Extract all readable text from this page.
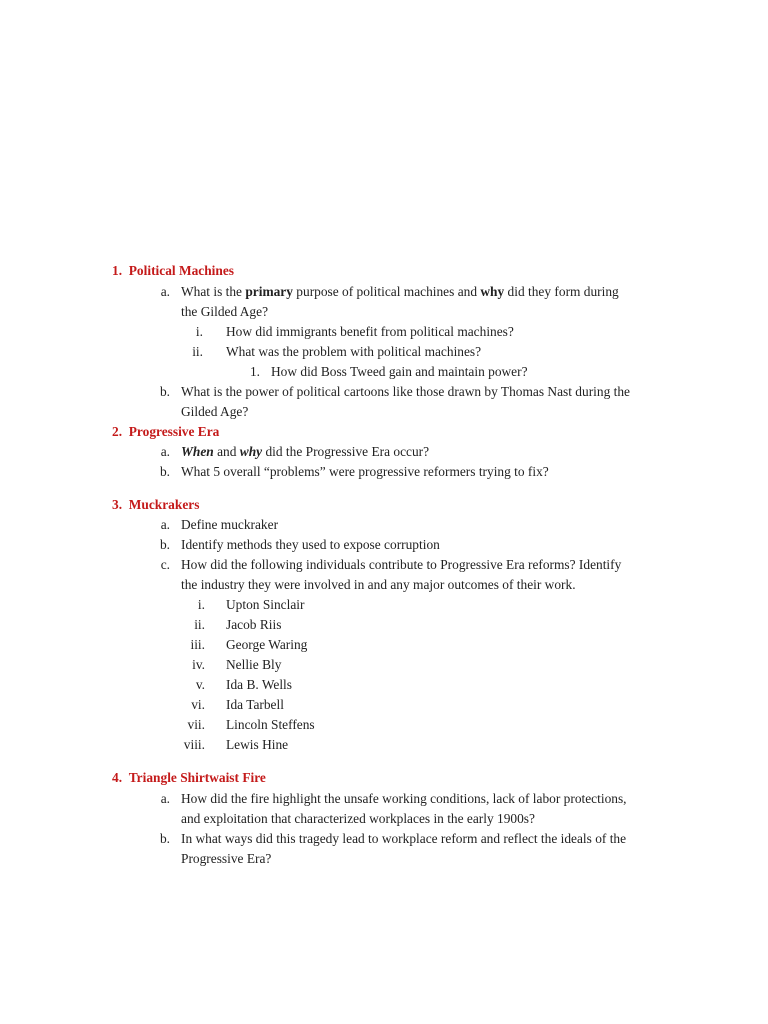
1. Political Machines
a. What is the primary purpose of political machines and why did they form during
the Gilded Age?
i. How did immigrants benefit from political machines?
ii. What was the problem with political machines?
1. How did Boss Tweed gain and maintain power?
b. What is the power of political cartoons like those drawn by Thomas Nast during the
Gilded Age?
2. Progressive Era
a. When and why did the Progressive Era occur?
b. What 5 overall “problems” were progressive reformers trying to fix?
3. Muckrakers
a. Define muckraker
b. Identify methods they used to expose corruption
c. How did the following individuals contribute to Progressive Era reforms? Identify
the industry they were involved in and any major outcomes of their work.
i. Upton Sinclair
ii. Jacob Riis
iii. George Waring
iv. Nellie Bly
v. Ida B. Wells
vi. Ida Tarbell
vii. Lincoln Steffens
viii. Lewis Hine
4. Triangle Shirtwaist Fire
a. How did the fire highlight the unsafe working conditions, lack of labor protections,
and exploitation that characterized workplaces in the early 1900s?
b. In what ways did this tragedy lead to workplace reform and reflect the ideals of the
Progressive Era?
